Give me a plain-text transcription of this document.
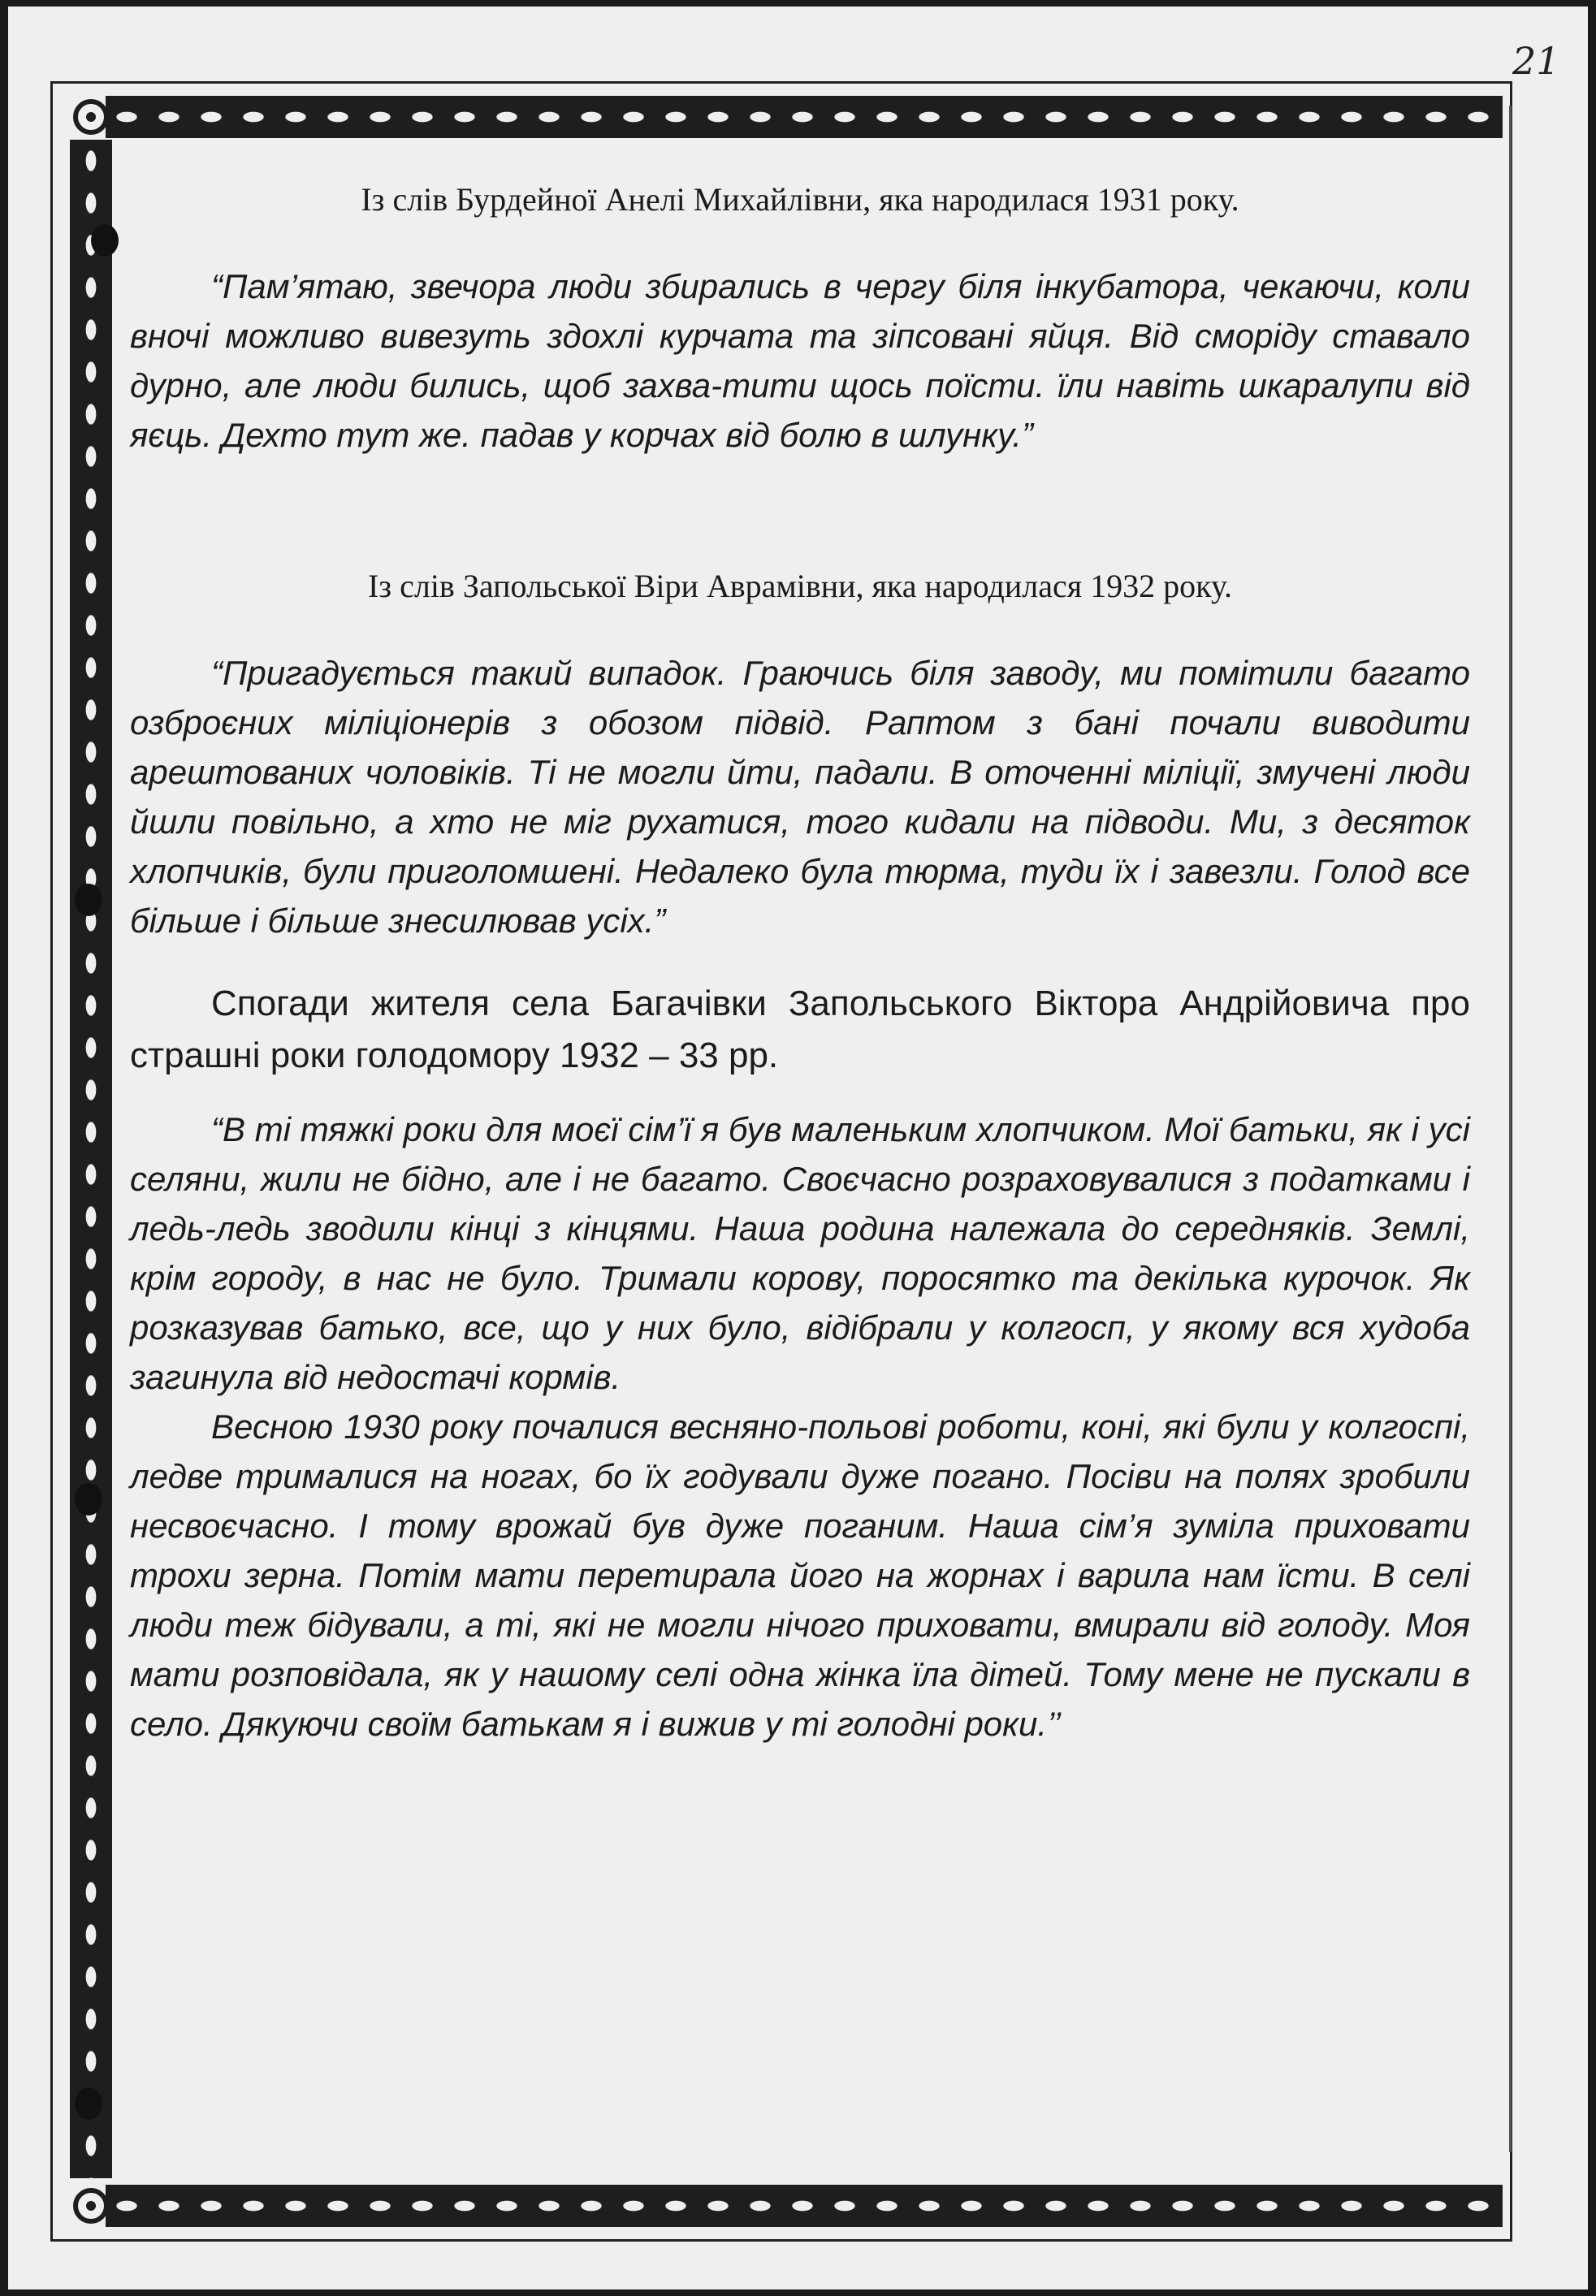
21

Із слів Бурдейної Анелі Михайлівни, яка народилася 1931 року.

“Пам’ятаю, звечора люди збирались в чергу біля інкубатора, чекаючи, коли вночі можливо вивезуть здохлі курчата та зіпсовані яйця. Від сморіду ставало дурно, але люди бились, щоб захва-тити щось поїсти. їли навіть шкаралупи від яєць. Дехто тут же. падав у корчах від болю в шлунку.”

Із слів Запольської Віри Аврамівни, яка народилася 1932 року.

“Пригадується такий випадок. Граючись біля заводу, ми помітили багато озброєних міліціонерів з обозом підвід. Раптом з бані почали виводити арештованих чоловіків. Ті не могли йти, падали. В оточенні міліції, змучені люди йшли повільно, а хто не міг рухатися, того кидали на підводи. Ми, з десяток хлопчиків, були приголомшені. Недалеко була тюрма, туди їх і завезли. Голод все більше і більше знесилював усіх.”

Спогади жителя села Багачівки Запольського Віктора Андрійовича про страшні роки голодомору 1932 – 33 рр.

“В ті тяжкі роки для моєї сім’ї я був маленьким хлопчиком. Мої батьки, як і усі селяни, жили не бідно, але і не багато. Своєчасно розраховувалися з податками і ледь-ледь зводили кінці з кінцями. Наша родина належала до середняків. Землі, крім городу, в нас не було. Тримали корову, поросятко та декілька курочок. Як розказував батько, все, що у них було, відібрали у колгосп, у якому вся худоба загинула від недостачі кормів.

Весною 1930 року почалися весняно-польові роботи, коні, які були у колгоспі, ледве трималися на ногах, бо їх годували дуже погано. Посіви на полях зробили несвоєчасно. І тому врожай був дуже поганим. Наша сім’я зуміла приховати трохи зерна. Потім мати перетирала його на жорнах і варила нам їсти. В селі люди теж бідували, а ті, які не могли нічого приховати, вмирали від голоду. Моя мати розповідала, як у нашому селі одна жінка їла дітей. Тому мене не пускали в село. Дякуючи своїм батькам я і вижив у ті голодні роки.’’
